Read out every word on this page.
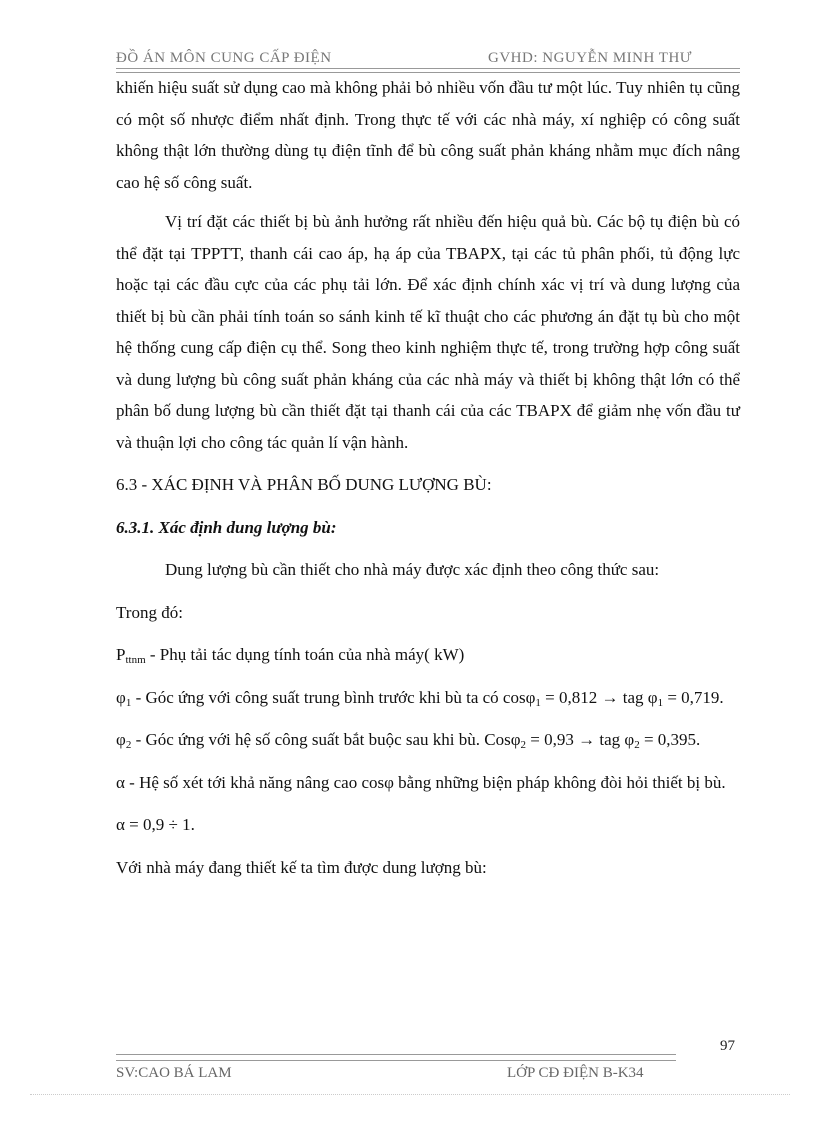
ĐỒ ÁN MÔN CUNG CẤP ĐIỆN	GVHD: NGUYỄN MINH THƯ

khiến hiệu suất sử dụng cao mà không phải bỏ nhiều vốn đầu tư một lúc. Tuy nhiên tụ cũng có một số nhược điểm nhất định. Trong thực tế với các nhà máy, xí nghiệp có công suất không thật lớn thường dùng tụ điện tĩnh để bù công suất phản kháng nhằm mục đích nâng cao hệ số công suất.

Vị trí đặt các thiết bị bù ảnh hưởng rất nhiều đến hiệu quả bù. Các bộ tụ điện bù có thể đặt tại TPPTT, thanh cái cao áp, hạ áp của TBAPX, tại các tủ phân phối, tủ động lực hoặc tại các đầu cực của các phụ tải lớn. Để xác định chính xác vị trí và dung lượng của thiết bị bù cần phải tính toán so sánh kinh tế kĩ thuật cho các phương án đặt tụ bù cho một hệ thống cung cấp điện cụ thể. Song theo kinh nghiệm thực tế, trong trường hợp công suất và dung lượng bù công suất phản kháng của các nhà máy và thiết bị không thật lớn có thể phân bố dung lượng bù cần thiết đặt tại thanh cái của các TBAPX để giảm nhẹ vốn đầu tư và thuận lợi cho công tác quản lí vận hành.

6.3 - XÁC ĐỊNH VÀ PHÂN BỐ DUNG LƯỢNG BÙ:

6.3.1. Xác định dung lượng bù:

Dung lượng bù cần thiết cho nhà máy được xác định theo công thức sau:

Trong đó:

$P_{ttnm}$ - Phụ tải tác dụng tính toán của nhà máy( kW)

$\varphi_1$ - Góc ứng với công suất trung bình trước khi bù ta có cosφ$_1$ = 0,812 → tag $\varphi_1 = 0,719$.

$\varphi_2$ - Góc ứng với hệ số công suất bắt buộc sau khi bù. Cosφ$_2$ = 0,93 → tag $\varphi_2 = 0,395$.

α - Hệ số xét tới khả năng nâng cao cosφ bằng những biện pháp không đòi hỏi thiết bị bù.

α = 0,9 ÷ 1.

Với nhà máy đang thiết kế ta tìm được dung lượng bù:

97
SV:CAO BÁ LAM	LỚP CĐ ĐIỆN B-K34
